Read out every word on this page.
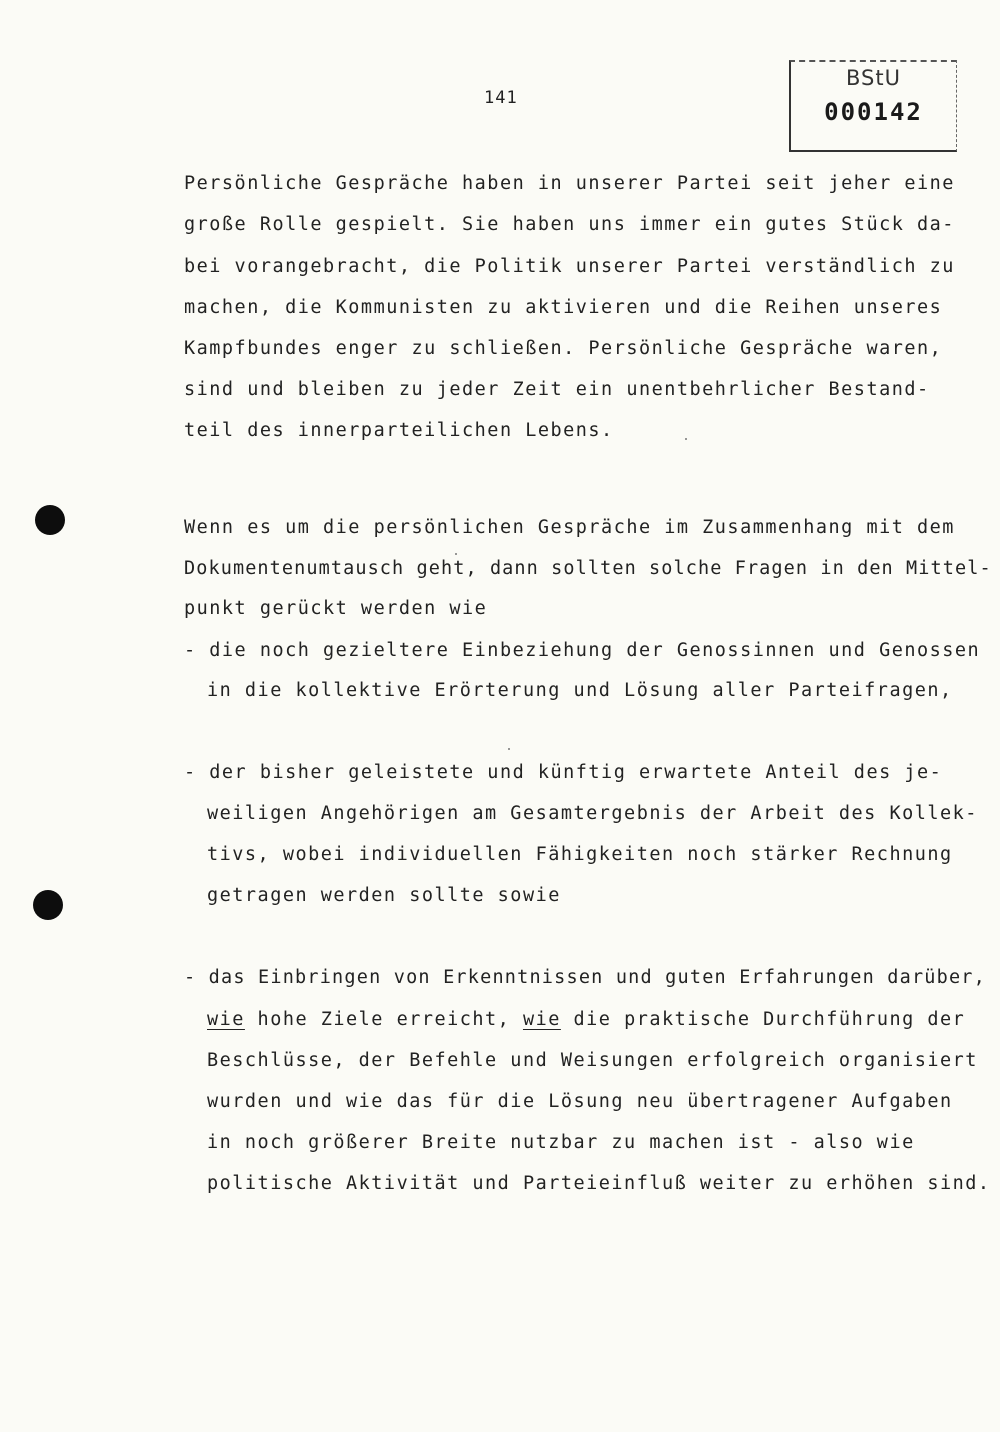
141
BStU
000142
Persönliche Gespräche haben in unserer Partei seit jeher eine
große Rolle gespielt. Sie haben uns immer ein gutes Stück da-
bei vorangebracht, die Politik unserer Partei verständlich zu
machen, die Kommunisten zu aktivieren und die Reihen unseres
Kampfbundes enger zu schließen. Persönliche Gespräche waren,
sind und bleiben zu jeder Zeit ein unentbehrlicher Bestand-
teil des innerparteilichen Lebens.
Wenn es um die persönlichen Gespräche im Zusammenhang mit dem
Dokumentenumtausch geht, dann sollten solche Fragen in den Mittel-
punkt gerückt werden wie
- die noch gezieltere Einbeziehung der Genossinnen und Genossen
in die kollektive Erörterung und Lösung aller Parteifragen,
- der bisher geleistete und künftig erwartete Anteil des je-
weiligen Angehörigen am Gesamtergebnis der Arbeit des Kollek-
tivs, wobei individuellen Fähigkeiten noch stärker Rechnung
getragen werden sollte sowie
- das Einbringen von Erkenntnissen und guten Erfahrungen darüber,
wie hohe Ziele erreicht, wie die praktische Durchführung der
Beschlüsse, der Befehle und Weisungen erfolgreich organisiert
wurden und wie das für die Lösung neu übertragener Aufgaben
in noch größerer Breite nutzbar zu machen ist - also wie
politische Aktivität und Parteieinfluß weiter zu erhöhen sind.
